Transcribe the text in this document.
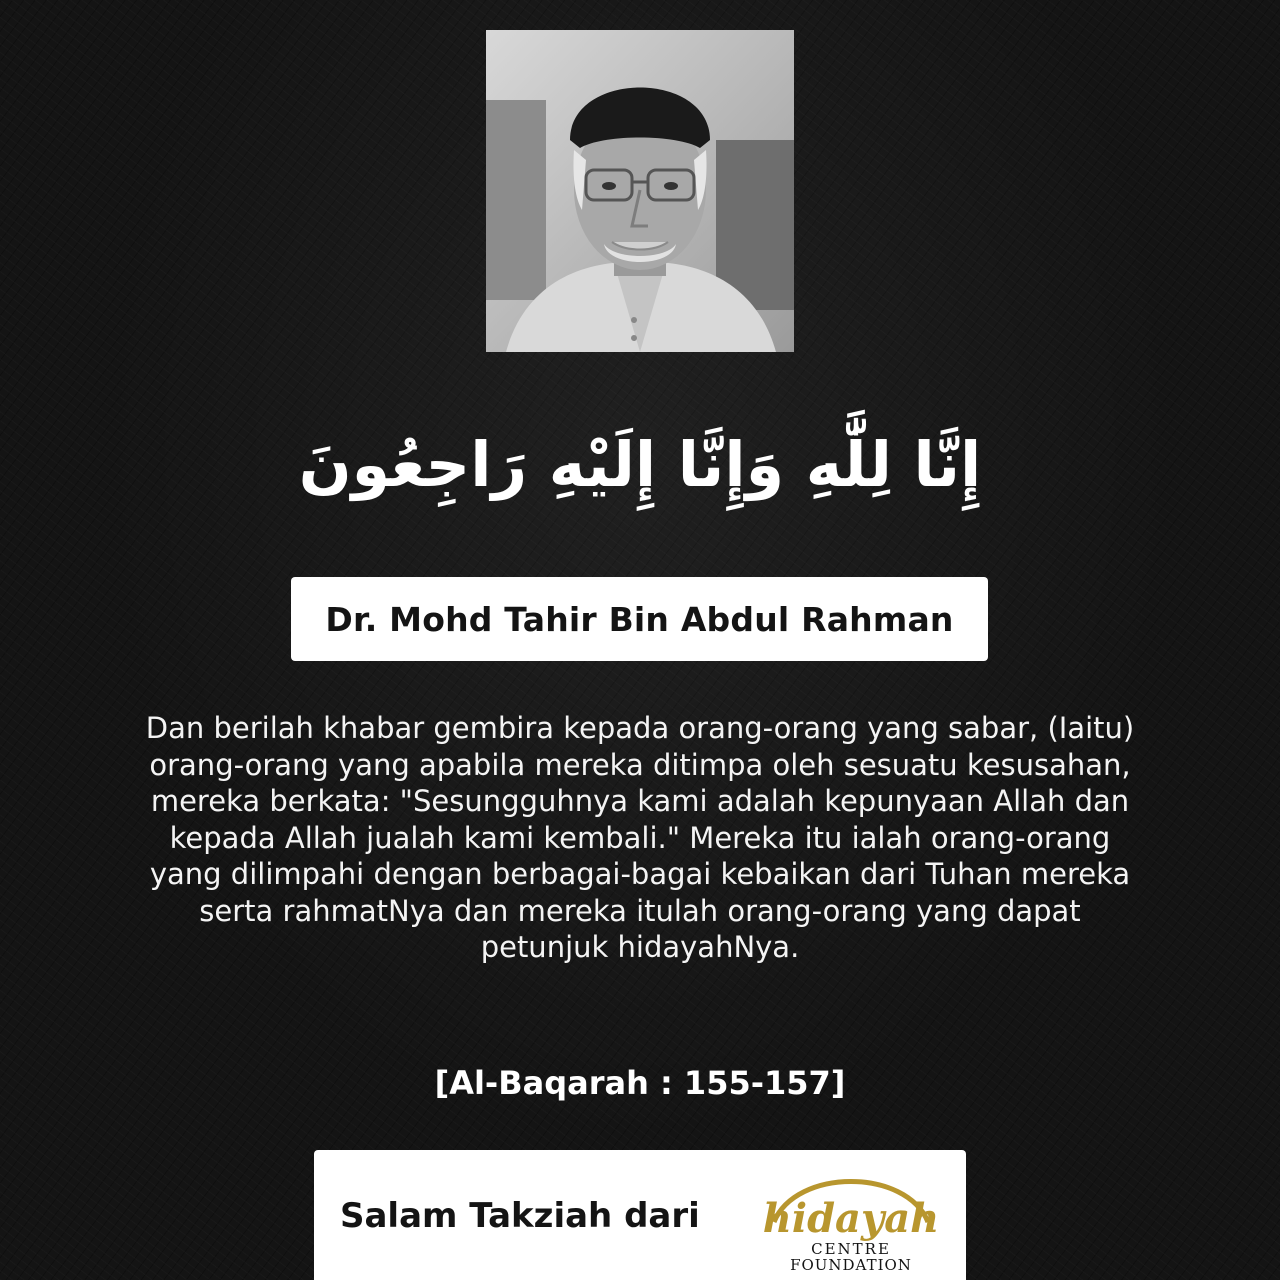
إِنَّا لِلَّٰهِ وَإِنَّا إِلَيْهِ رَاجِعُونَ
Dr. Mohd Tahir Bin Abdul Rahman
Dan berilah khabar gembira kepada orang-orang yang sabar, (Iaitu) orang-orang yang apabila mereka ditimpa oleh sesuatu kesusahan, mereka berkata: "Sesungguhnya kami adalah kepunyaan Allah dan kepada Allah jualah kami kembali." Mereka itu ialah orang-orang yang dilimpahi dengan berbagai-bagai kebaikan dari Tuhan mereka serta rahmatNya dan mereka itulah orang-orang yang dapat petunjuk hidayahNya.
[Al-Baqarah : 155-157]
Salam Takziah dari hidayah
CENTRE
FOUNDATION
